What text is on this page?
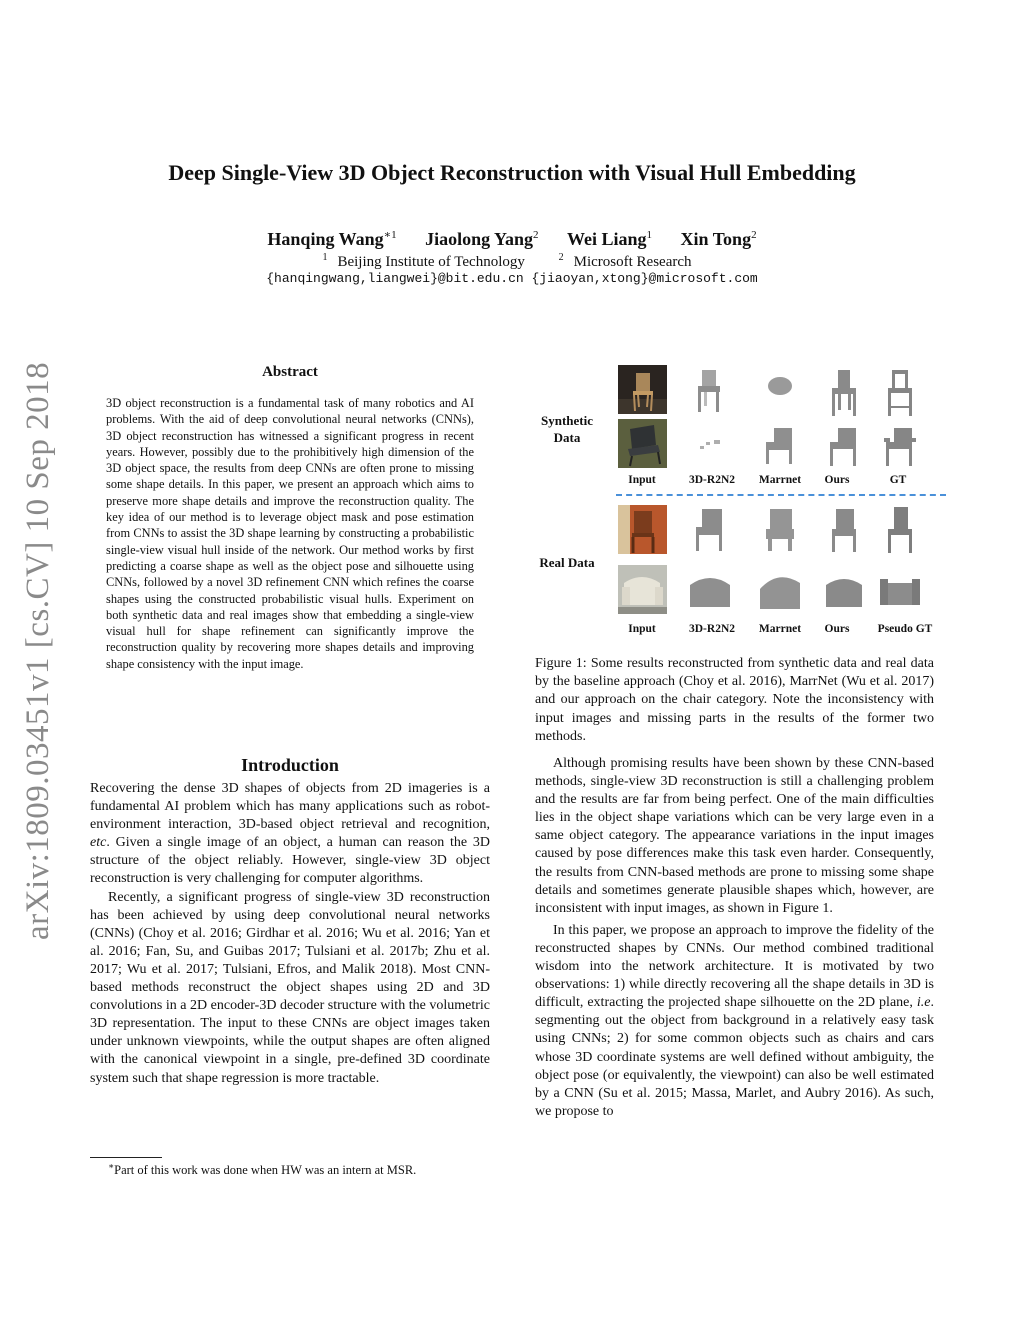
arXiv:1809.03451v1 [cs.CV] 10 Sep 2018
Deep Single-View 3D Object Reconstruction with Visual Hull Embedding
Hanqing Wang$^{∗1}$ Jiaolong Yang$^2$ Wei Liang$^1$ Xin Tong$^2$
$^1$ Beijing Institute of Technology	$^2$ Microsoft Research
{hanqingwang,liangwei}@bit.edu.cn {jiaoyan,xtong}@microsoft.com
Abstract
3D object reconstruction is a fundamental task of many robotics and AI problems. With the aid of deep convolutional neural networks (CNNs), 3D object reconstruction has witnessed a significant progress in recent years. However, possibly due to the prohibitively high dimension of the 3D object space, the results from deep CNNs are often prone to missing some shape details. In this paper, we present an approach which aims to preserve more shape details and improve the reconstruction quality. The key idea of our method is to leverage object mask and pose estimation from CNNs to assist the 3D shape learning by constructing a probabilistic single-view visual hull inside of the network. Our method works by first predicting a coarse shape as well as the object pose and silhouette using CNNs, followed by a novel 3D refinement CNN which refines the coarse shapes using the constructed probabilistic visual hulls. Experiment on both synthetic data and real images show that embedding a single-view visual hull for shape refinement can significantly improve the reconstruction quality by recovering more shapes details and improving shape consistency with the input image.
Introduction

Recovering the dense 3D shapes of objects from 2D imageries is a fundamental AI problem which has many applications such as robot-environment interaction, 3D-based object retrieval and recognition, etc. Given a single image of an object, a human can reason the 3D structure of the object reliably. However, single-view 3D object reconstruction is very challenging for computer algorithms.

Recently, a significant progress of single-view 3D reconstruction has been achieved by using deep convolutional neural networks (CNNs) (Choy et al. 2016; Girdhar et al. 2016; Wu et al. 2016; Yan et al. 2016; Fan, Su, and Guibas 2017; Tulsiani et al. 2017b; Zhu et al. 2017; Wu et al. 2017; Tulsiani, Efros, and Malik 2018). Most CNN-based methods reconstruct the object shapes using 2D and 3D convolutions in a 2D encoder-3D decoder structure with the volumetric 3D representation. The input to these CNNs are object images taken under unknown viewpoints, while the output shapes are often aligned with the canonical viewpoint in a single, pre-defined 3D coordinate system such that shape regression is more tractable.

∗Part of this work was done when HW was an intern at MSR.
Synthetic Data
Real Data
Input	3D-R2N2	Marrnet	Ours	GT
Input	3D-R2N2	Marrnet	Ours	Pseudo GT
Figure 1: Some results reconstructed from synthetic data and real data by the baseline approach (Choy et al. 2016), MarrNet (Wu et al. 2017) and our approach on the chair category. Note the inconsistency with input images and missing parts in the results of the former two methods.

Although promising results have been shown by these CNN-based methods, single-view 3D reconstruction is still a challenging problem and the results are far from being perfect. One of the main difficulties lies in the object shape variations which can be very large even in a same object category. The appearance variations in the input images caused by pose differences make this task even harder. Consequently, the results from CNN-based methods are prone to missing some shape details and sometimes generate plausible shapes which, however, are inconsistent with input images, as shown in Figure 1.

In this paper, we propose an approach to improve the fidelity of the reconstructed shapes by CNNs. Our method combined traditional wisdom into the network architecture. It is motivated by two observations: 1) while directly recovering all the shape details in 3D is difficult, extracting the projected shape silhouette on the 2D plane, i.e. segmenting out the object from background in a relatively easy task using CNNs; 2) for some common objects such as chairs and cars whose 3D coordinate systems are well defined without ambiguity, the object pose (or equivalently, the viewpoint) can also be well estimated by a CNN (Su et al. 2015; Massa, Marlet, and Aubry 2016). As such, we propose to
